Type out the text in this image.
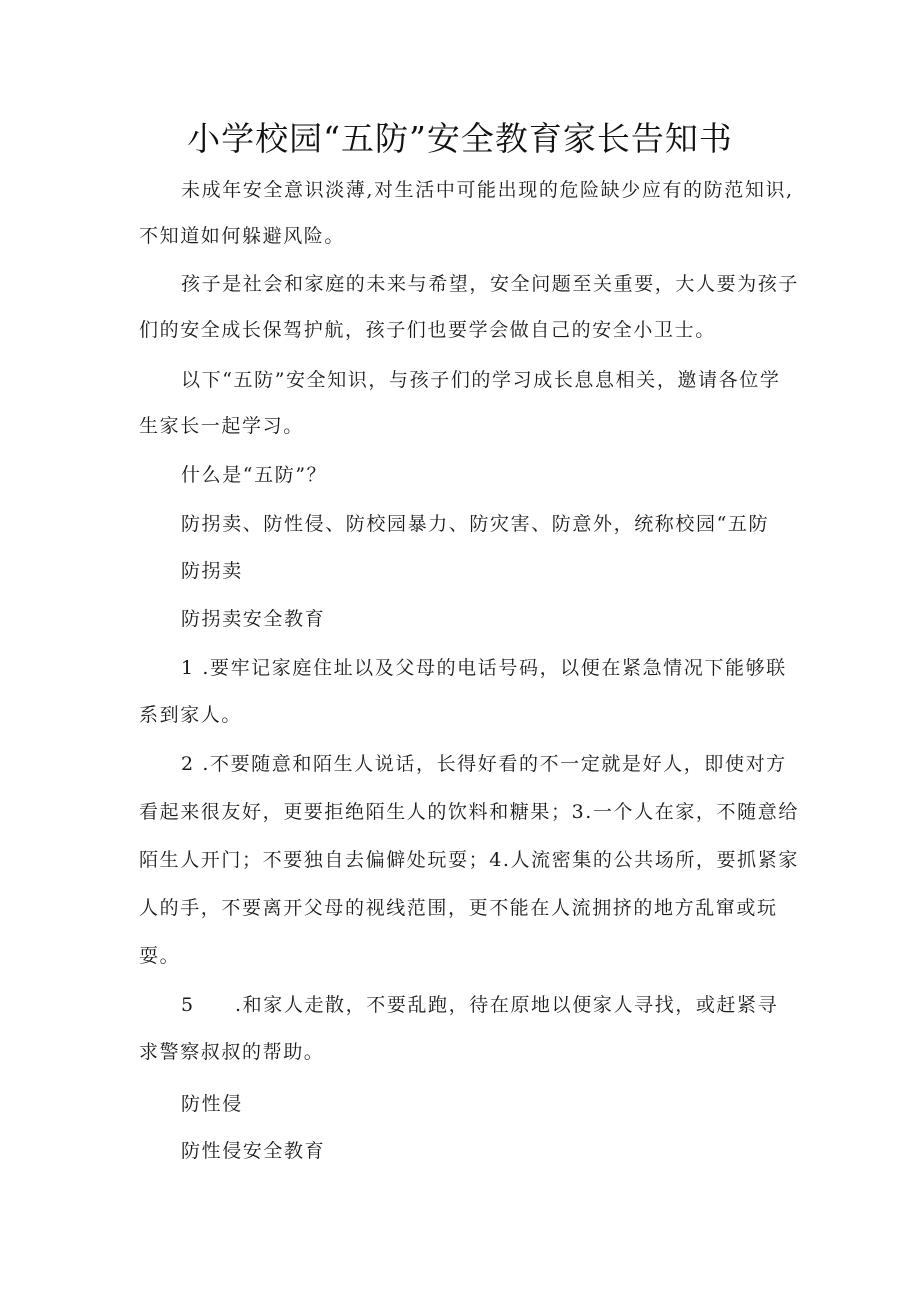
小学校园“五防”安全教育家长告知书
未成年安全意识淡薄,对生活中可能出现的危险缺少应有的防范知识,
不知道如何躲避风险。
孩子是社会和家庭的未来与希望，安全问题至关重要，大人要为孩子
们的安全成长保驾护航，孩子们也要学会做自己的安全小卫士。
以下“五防”安全知识，与孩子们的学习成长息息相关，邀请各位学
生家长一起学习。
什么是“五防”？
防拐卖、防性侵、防校园暴力、防灾害、防意外，统称校园“五防
防拐卖
防拐卖安全教育
1 .要牢记家庭住址以及父母的电话号码，以便在紧急情况下能够联
系到家人。
2 .不要随意和陌生人说话，长得好看的不一定就是好人，即使对方
看起来很友好，更要拒绝陌生人的饮料和糖果；3.一个人在家，不随意给
陌生人开门；不要独自去偏僻处玩耍；4.人流密集的公共场所，要抓紧家
人的手，不要离开父母的视线范围，更不能在人流拥挤的地方乱窜或玩
耍。
5 .和家人走散，不要乱跑，待在原地以便家人寻找，或赶紧寻
求警察叔叔的帮助。
防性侵
防性侵安全教育
